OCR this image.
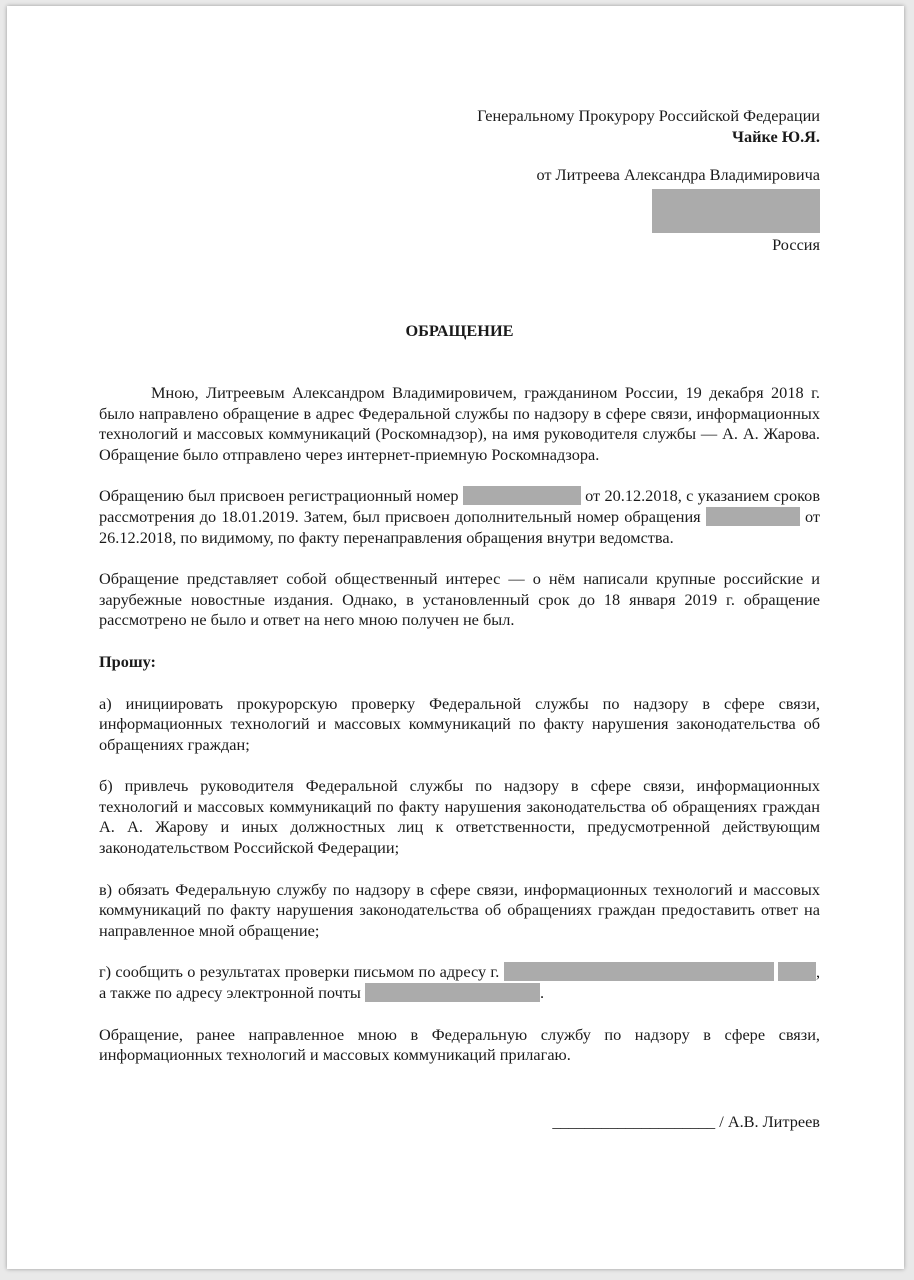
Генеральному Прокурору Российской Федерации

Чайке Ю.Я.

от Литреева Александра Владимировича

Россия

ОБРАЩЕНИЕ

Мною, Литреевым Александром Владимировичем, гражданином России, 19 декабря 2018 г. было направлено обращение в адрес Федеральной службы по надзору в сфере связи, информационных технологий и массовых коммуникаций (Роскомнадзор), на имя руководителя службы — А. А. Жарова. Обращение было отправлено через интернет-приемную Роскомнадзора.

Обращению был присвоен регистрационный номер	от 20.12.2018, с указанием сроков рассмотрения до 18.01.2019. Затем, был присвоен дополнительный номер обращения	от 26.12.2018, по видимому, по факту перенаправления обращения внутри ведомства.

Обращение представляет собой общественный интерес — о нём написали крупные российские и зарубежные новостные издания. Однако, в установленный срок до 18 января 2019 г. обращение рассмотрено не было и ответ на него мною получен не был.

Прошу:

а) инициировать прокурорскую проверку Федеральной службы по надзору в сфере связи, информационных технологий и массовых коммуникаций по факту нарушения законодательства об обращениях граждан;

б) привлечь руководителя Федеральной службы по надзору в сфере связи, информационных технологий и массовых коммуникаций по факту нарушения законодательства об обращениях граждан А. А. Жарову и иных должностных лиц к ответственности, предусмотренной действующим законодательством Российской Федерации;

в) обязать Федеральную службу по надзору в сфере связи, информационных технологий и массовых коммуникаций по факту нарушения законодательства об обращениях граждан предоставить ответ на направленное мной обращение;

г) сообщить о результатах проверки письмом по адресу г.	, а также по адресу электронной почты	.

Обращение, ранее направленное мною в Федеральную службу по надзору в сфере связи, информационных технологий и массовых коммуникаций прилагаю.

____________________ / А.В. Литреев
